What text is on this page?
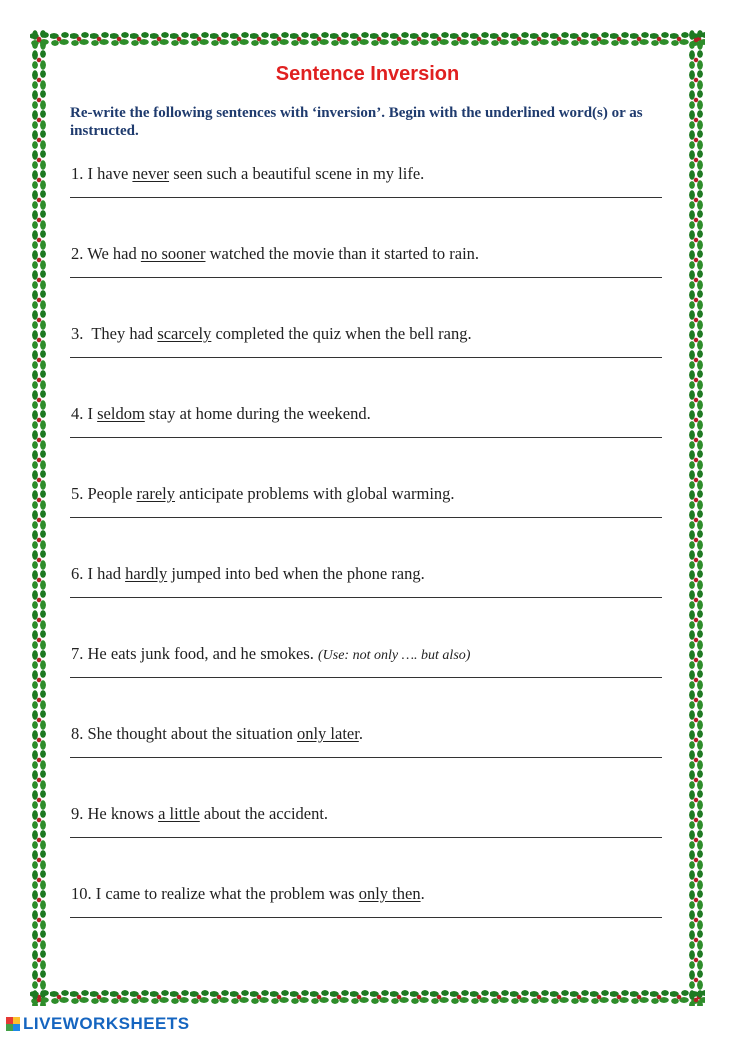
Sentence Inversion
Re-write the following sentences with ‘inversion’. Begin with the underlined word(s) or as instructed.
1. I have never seen such a beautiful scene in my life.
2. We had no sooner watched the movie than it started to rain.
3.  They had scarcely completed the quiz when the bell rang.
4. I seldom stay at home during the weekend.
5. People rarely anticipate problems with global warming.
6. I had hardly jumped into bed when the phone rang.
7. He eats junk food, and he smokes. (Use: not only …. but also)
8. She thought about the situation only later.
9. He knows a little about the accident.
10. I came to realize what the problem was only then.
LIVEWORKSHEETS
